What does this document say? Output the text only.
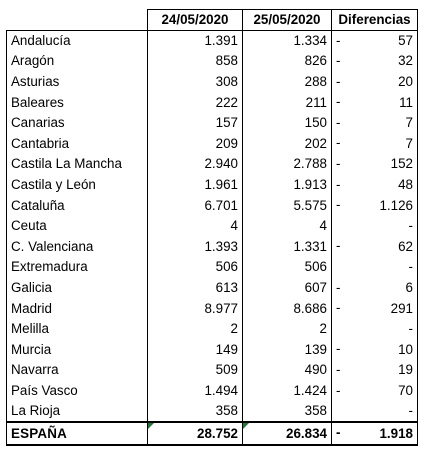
	24/05/2020	25/05/2020	Diferencias
Andalucía	1.391	1.334	- 57
Aragón	858	826	- 32
Asturias	308	288	- 20
Baleares	222	211	- 11
Canarias	157	150	- 7
Cantabria	209	202	- 7
Castila La Mancha	2.940	2.788	- 152
Castila y León	1.961	1.913	- 48
Cataluña	6.701	5.575	- 1.126
Ceuta	4	4	-
C. Valenciana	1.393	1.331	- 62
Extremadura	506	506	-
Galicia	613	607	- 6
Madrid	8.977	8.686	- 291
Melilla	2	2	-
Murcia	149	139	- 10
Navarra	509	490	- 19
País Vasco	1.494	1.424	- 70
La Rioja	358	358	-
ESPAÑA	28.752	26.834	- 1.918
